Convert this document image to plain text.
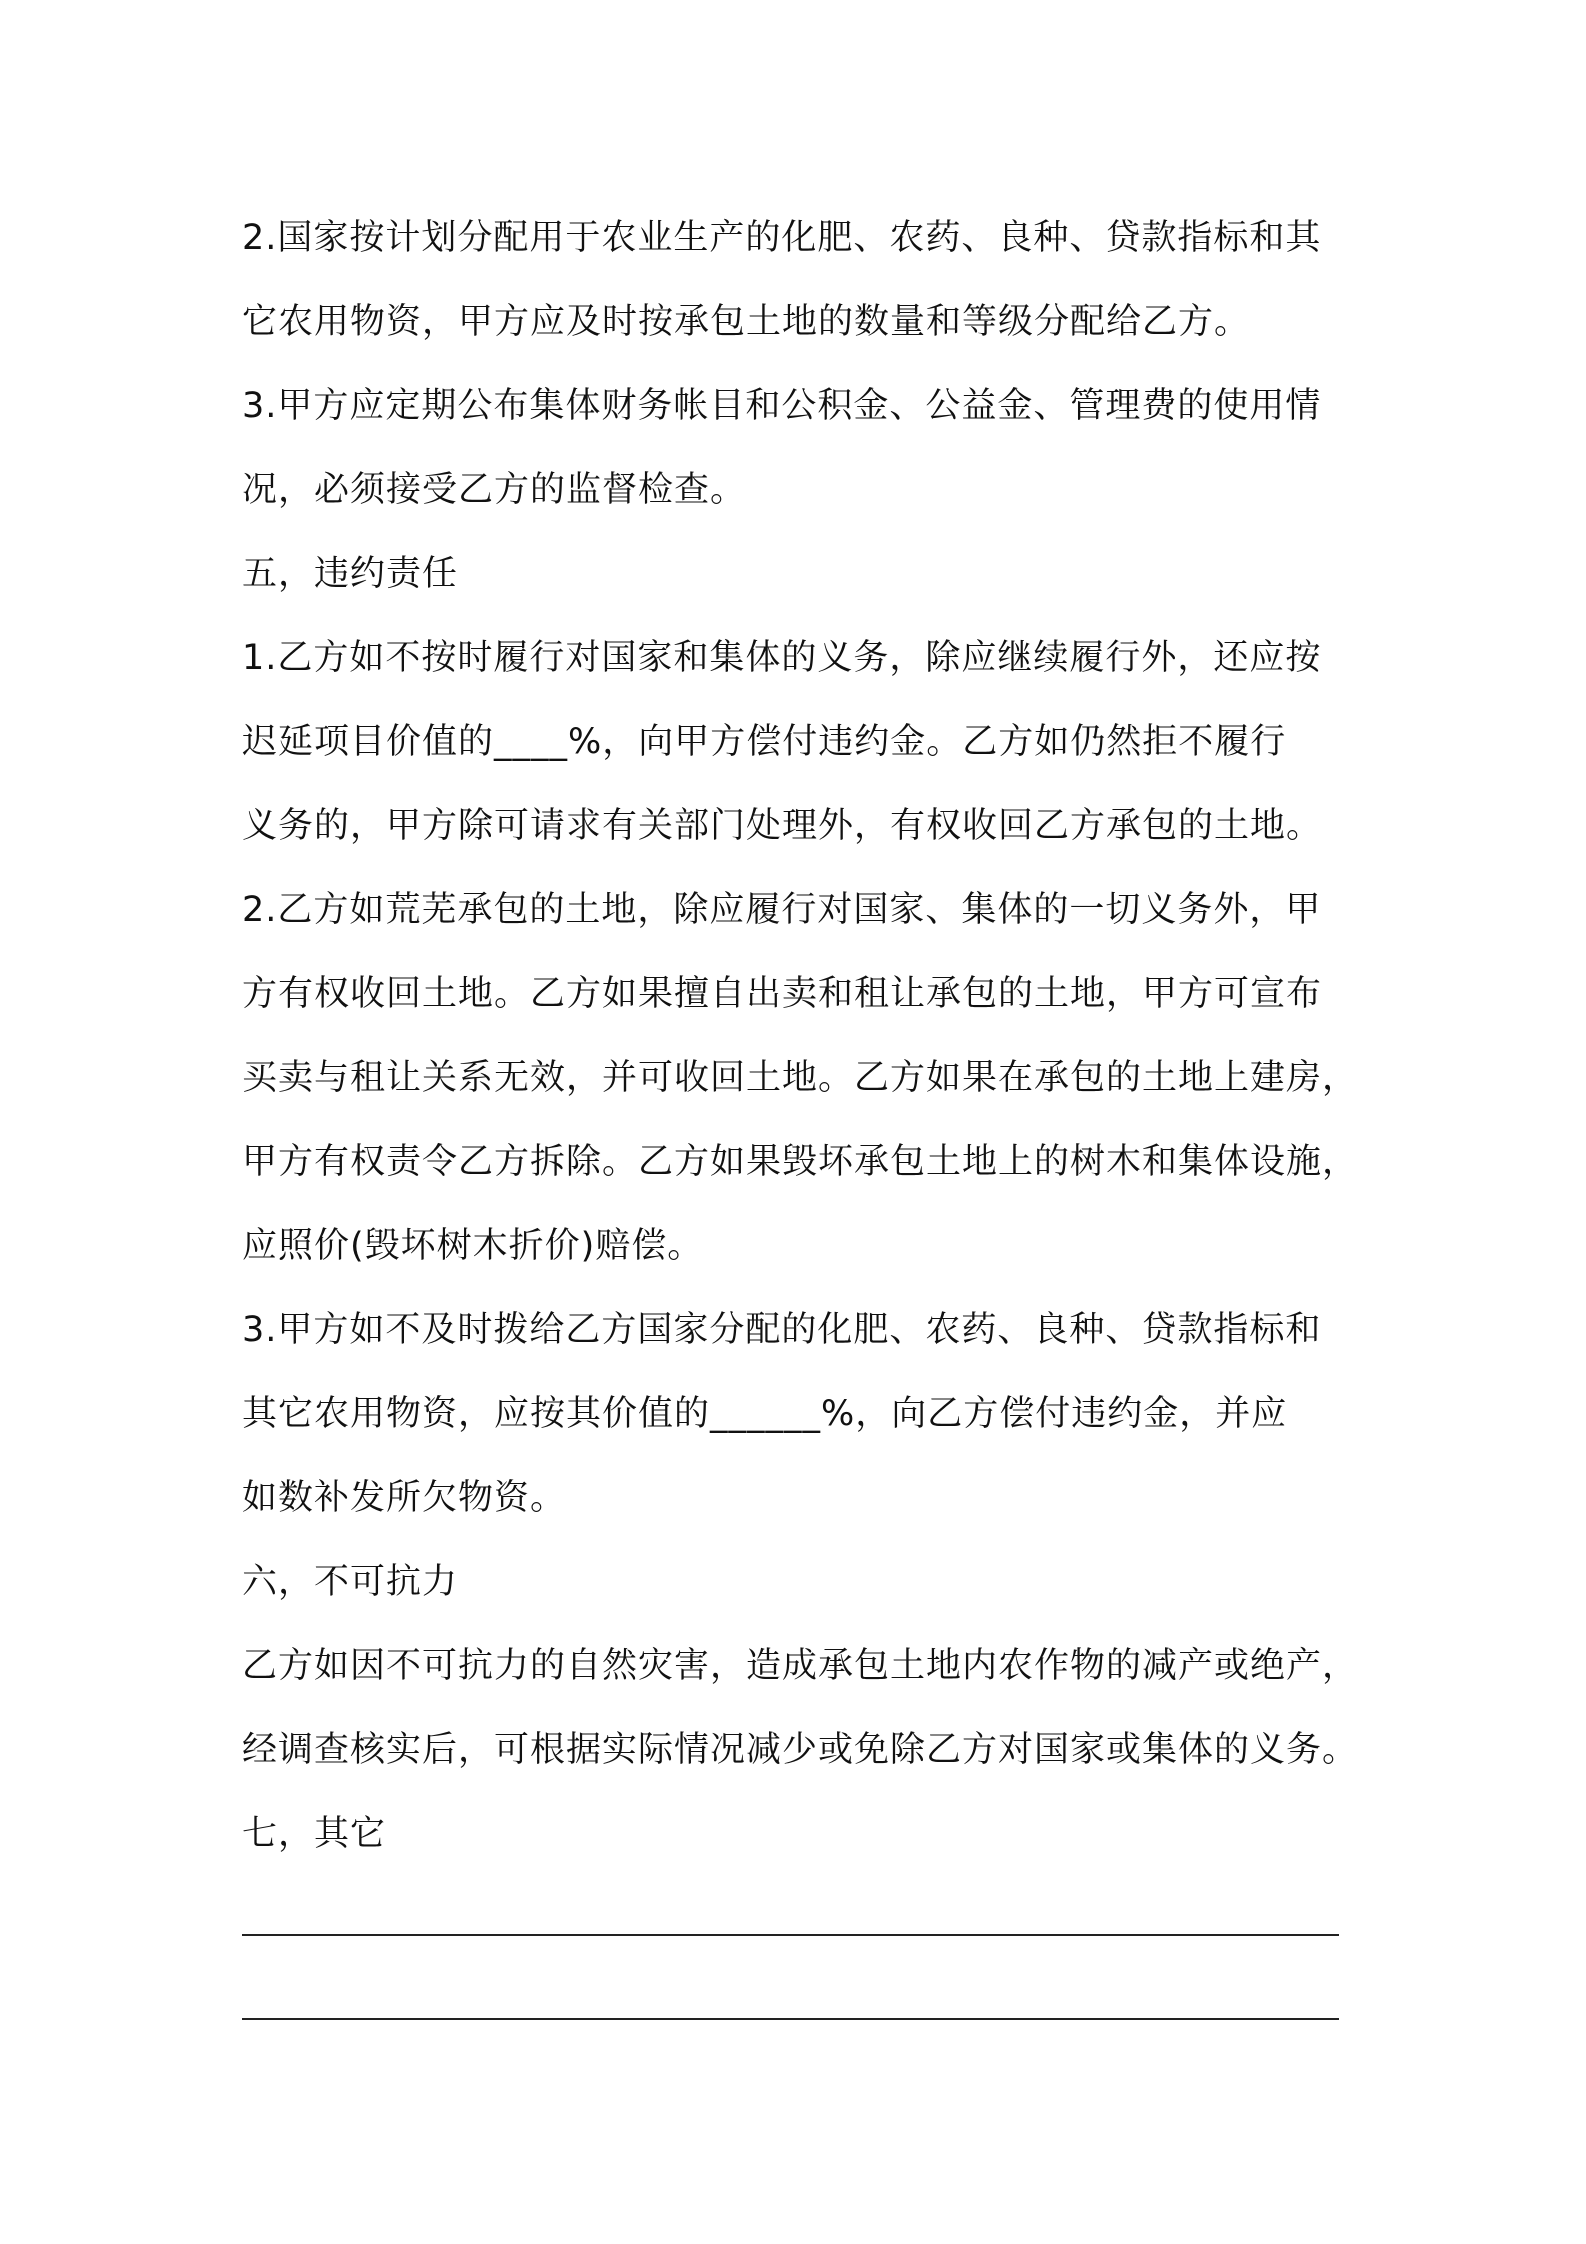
2.国家按计划分配用于农业生产的化肥、农药、良种、贷款指标和其
它农用物资，甲方应及时按承包土地的数量和等级分配给乙方。
3.甲方应定期公布集体财务帐目和公积金、公益金、管理费的使用情
况，必须接受乙方的监督检查。
五，违约责任
1.乙方如不按时履行对国家和集体的义务，除应继续履行外，还应按
迟延项目价值的____%，向甲方偿付违约金。乙方如仍然拒不履行
义务的，甲方除可请求有关部门处理外，有权收回乙方承包的土地。
2.乙方如荒芜承包的土地，除应履行对国家、集体的一切义务外，甲
方有权收回土地。乙方如果擅自出卖和租让承包的土地，甲方可宣布
买卖与租让关系无效，并可收回土地。乙方如果在承包的土地上建房，
甲方有权责令乙方拆除。乙方如果毁坏承包土地上的树木和集体设施，
应照价(毁坏树木折价)赔偿。
3.甲方如不及时拨给乙方国家分配的化肥、农药、良种、贷款指标和
其它农用物资，应按其价值的______%，向乙方偿付违约金，并应
如数补发所欠物资。
六，不可抗力
乙方如因不可抗力的自然灾害，造成承包土地内农作物的减产或绝产，
经调查核实后，可根据实际情况减少或免除乙方对国家或集体的义务。
七，其它
